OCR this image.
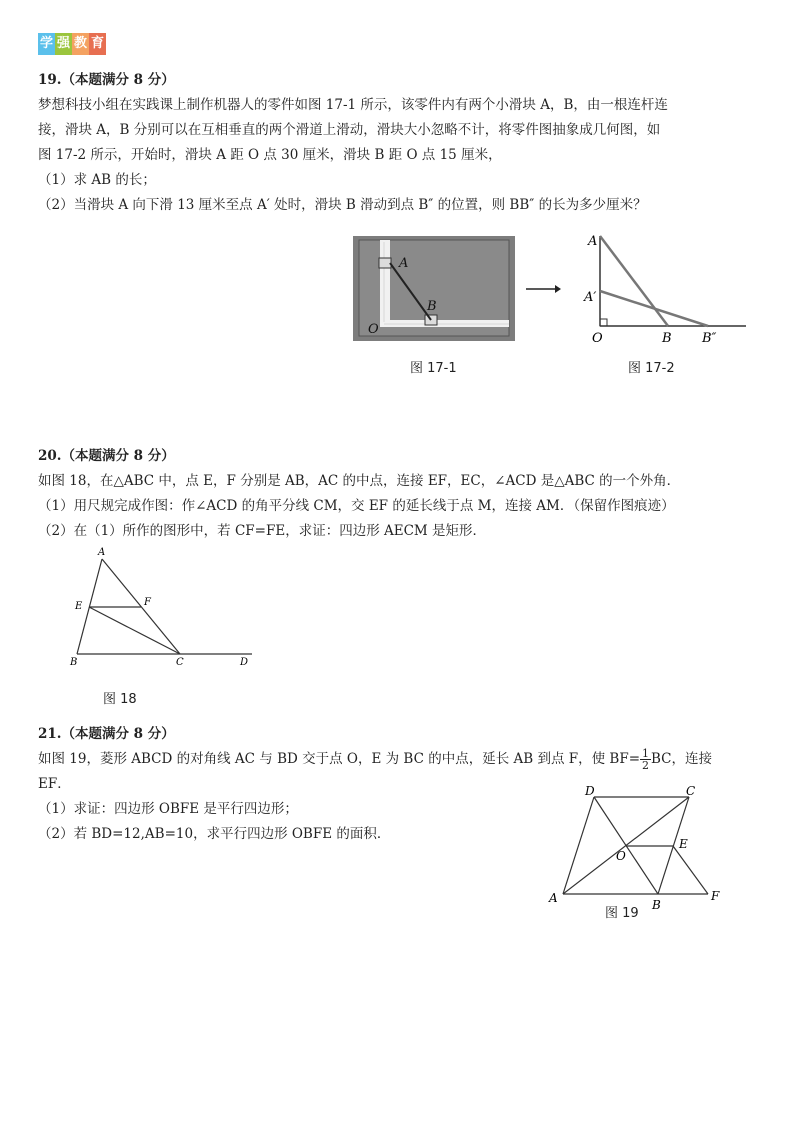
学 强 教 育
19.（本题满分 8 分）
梦想科技小组在实践课上制作机器人的零件如图 17-1 所示，该零件内有两个小滑块 A，B，由一根连杆连
接，滑块 A，B 分别可以在互相垂直的两个滑道上滑动，滑块大小忽略不计，将零件图抽象成几何图，如
图 17-2 所示，开始时，滑块 A 距 O 点 30 厘米，滑块 B 距 O 点 15 厘米，
（1）求 AB 的长；
（2）当滑块 A 向下滑 13 厘米至点 A′ 处时，滑块 B 滑动到点 B″ 的位置，则 BB″ 的长为多少厘米？
A
B
O
A
A′
O	B B″
图 17-1	图 17-2
20.（本题满分 8 分）
如图 18，在△ABC 中，点 E，F 分别是 AB，AC 的中点，连接 EF，EC，∠ACD 是△ABC 的一个外角．
（1）用尺规完成作图：作∠ACD 的角平分线 CM，交 EF 的延长线于点 M，连接 AM．（保留作图痕迹）
（2）在（1）所作的图形中，若 CF=FE，求证：四边形 AECM 是矩形．
A
E	F
B	C	D
图 18
21.（本题满分 8 分）
如图 19，菱形 ABCD 的对角线 AC 与 BD 交于点 O，E 为 BC 的中点，延长 AB 到点 F，使 $BF= \frac{1}{2}$ BC，连接
EF．
（1）求证：四边形 OBFE 是平行四边形；
（2）若 BD=12,AB=10，求平行四边形 OBFE 的面积．
D	C
E
O
A	B
F
图 19
